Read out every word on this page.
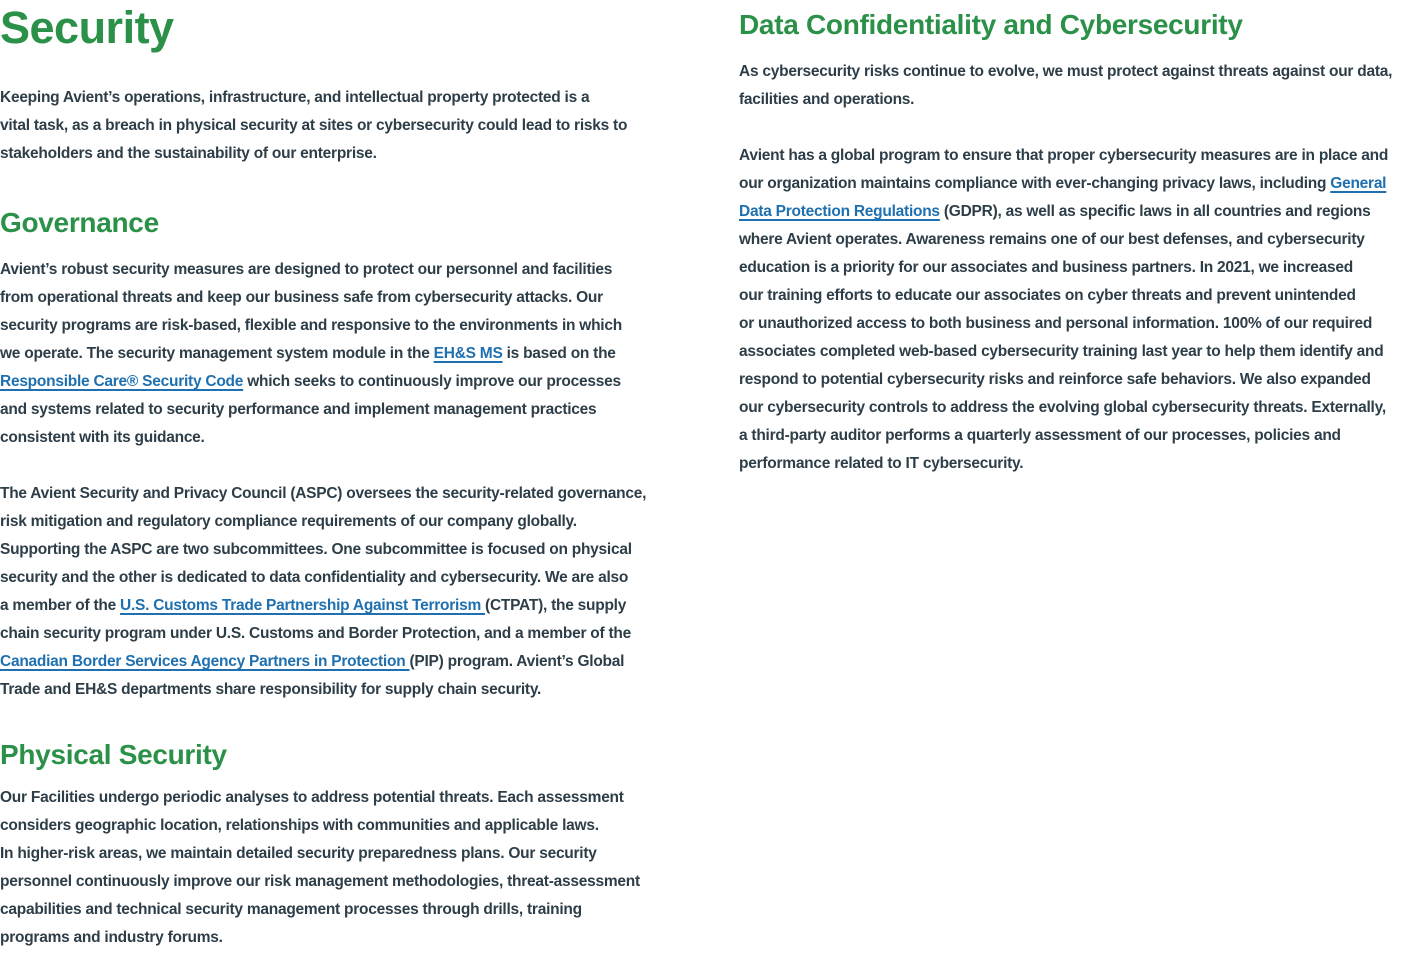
Security
Keeping Avient’s operations, infrastructure, and intellectual property protected is a
vital task, as a breach in physical security at sites or cybersecurity could lead to risks to
stakeholders and the sustainability of our enterprise.
Governance
Avient’s robust security measures are designed to protect our personnel and facilities
from operational threats and keep our business safe from cybersecurity attacks. Our
security programs are risk-based, flexible and responsive to the environments in which
we operate. The security management system module in the EH&S MS is based on the
Responsible Care® Security Code which seeks to continuously improve our processes
and systems related to security performance and implement management practices
consistent with its guidance.
The Avient Security and Privacy Council (ASPC) oversees the security-related governance,
risk mitigation and regulatory compliance requirements of our company globally.
Supporting the ASPC are two subcommittees. One subcommittee is focused on physical
security and the other is dedicated to data confidentiality and cybersecurity. We are also
a member of the U.S. Customs Trade Partnership Against Terrorism (CTPAT), the supply
chain security program under U.S. Customs and Border Protection, and a member of the
Canadian Border Services Agency Partners in Protection (PIP) program. Avient’s Global
Trade and EH&S departments share responsibility for supply chain security.
Physical Security
Our Facilities undergo periodic analyses to address potential threats. Each assessment
considers geographic location, relationships with communities and applicable laws.
In higher-risk areas, we maintain detailed security preparedness plans. Our security
personnel continuously improve our risk management methodologies, threat-assessment
capabilities and technical security management processes through drills, training
programs and industry forums.
Data Confidentiality and Cybersecurity
As cybersecurity risks continue to evolve, we must protect against threats against our data,
facilities and operations.
Avient has a global program to ensure that proper cybersecurity measures are in place and
our organization maintains compliance with ever-changing privacy laws, including General
Data Protection Regulations (GDPR), as well as specific laws in all countries and regions
where Avient operates. Awareness remains one of our best defenses, and cybersecurity
education is a priority for our associates and business partners. In 2021, we increased
our training efforts to educate our associates on cyber threats and prevent unintended
or unauthorized access to both business and personal information. 100% of our required
associates completed web-based cybersecurity training last year to help them identify and
respond to potential cybersecurity risks and reinforce safe behaviors. We also expanded
our cybersecurity controls to address the evolving global cybersecurity threats. Externally,
a third-party auditor performs a quarterly assessment of our processes, policies and
performance related to IT cybersecurity.
